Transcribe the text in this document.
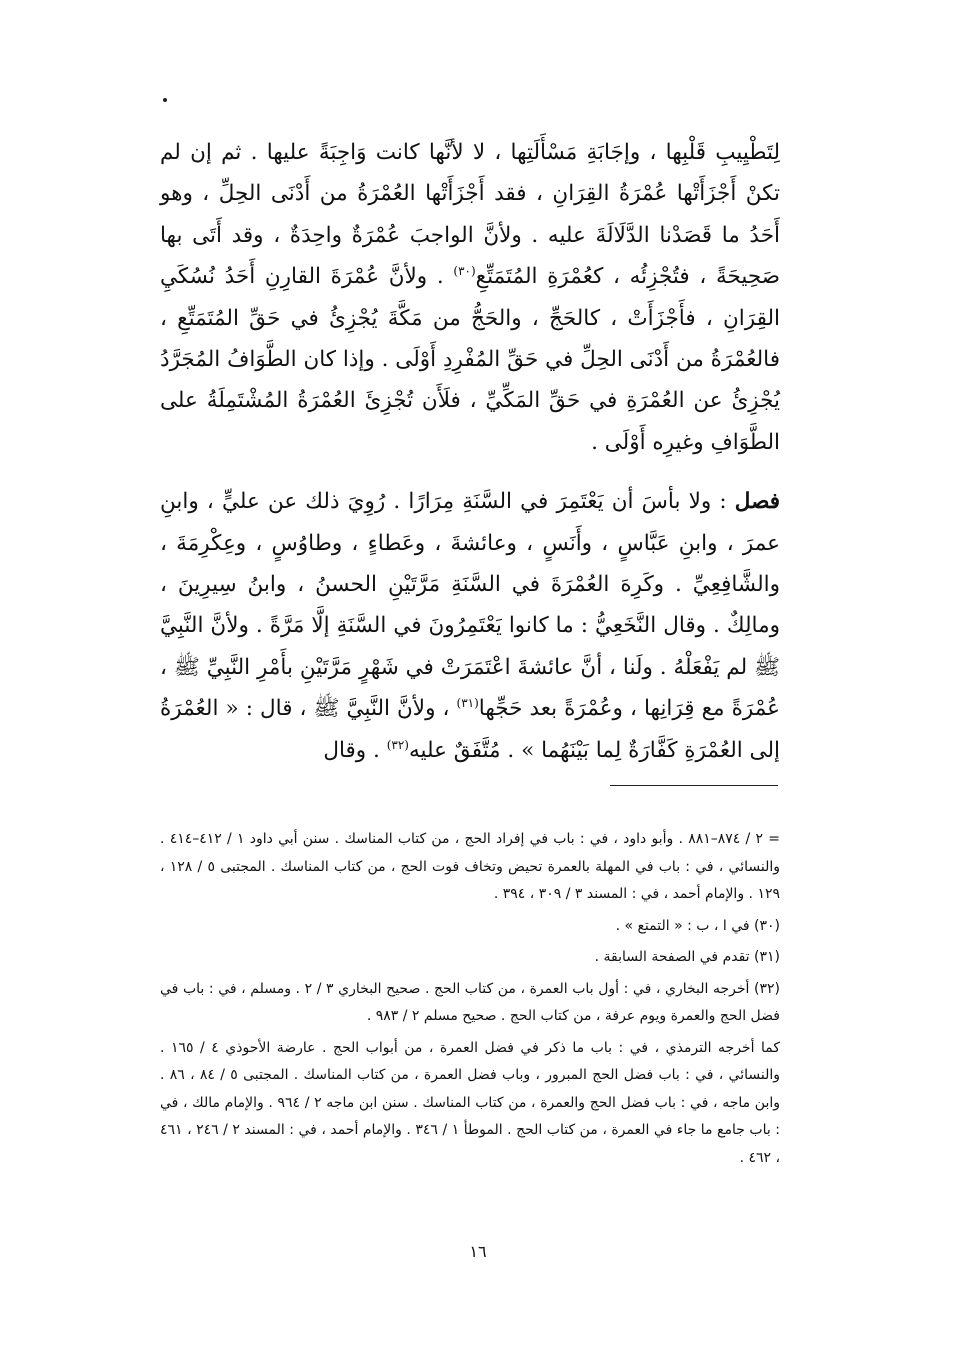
لِتَطْيِيبِ قَلْبِها ، وإجَابَةِ مَسْأَلَتِها ، لا لأنَّها كانت وَاجِبَةً عليها . ثم إن لم تكنْ أَجْزَأَتْها عُمْرَةُ القِرَانِ ، فقد أَجْزَأَتْها العُمْرَةُ من أَدْنَى الحِلِّ ، وهو أَحَدُ ما قَصَدْنا الدَّلَالَةَ عليه . ولأنَّ الواجبَ عُمْرَةٌ واحِدَةٌ ، وقد أَتَى بها صَحِيحَةً ، فتُجْزِئُه ، كعُمْرَةِ المُتَمَتِّعِ$^{(٣٠)}$ . ولأنَّ عُمْرَةَ القارِنِ أَحَدُ نُسُكَيِ القِرَانِ ، فأَجْزَأَتْ ، كالحَجِّ ، والحَجُّ من مَكَّةَ يُجْزِئُ في حَقِّ المُتَمَتِّعِ ، فالعُمْرَةُ من أَدْنَى الحِلِّ في حَقِّ المُفْرِدِ أَوْلَى . وإذا كان الطَّوَافُ المُجَرَّدُ يُجْزِئُ عن العُمْرَةِ في حَقِّ المَكِّيِّ ، فلَأَن تُجْزِئَ العُمْرَةُ المُشْتَمِلَةُ على الطَّوَافِ وغيرِه أَوْلَى .

فصل : ولا بأسَ أن يَعْتَمِرَ في السَّنَةِ مِرَارًا . رُوِيَ ذلك عن عليٍّ ، وابنِ عمرَ ، وابنِ عَبَّاسٍ ، وأَنَسٍ ، وعائشةَ ، وعَطاءٍ ، وطاوُسٍ ، وعِكْرِمَةَ ، والشَّافِعِيِّ . وكَرِهَ العُمْرَةَ في السَّنَةِ مَرَّتَيْنِ الحسنُ ، وابنُ سِيرِينَ ، ومالِكٌ . وقال النَّخَعِيُّ : ما كانوا يَعْتَمِرُونَ في السَّنَةِ إلَّا مَرَّةً . ولأنَّ النَّبِيَّ ﷺ لم يَفْعَلْهُ . ولَنا ، أنَّ عائشةَ اعْتَمَرَتْ في شَهْرٍ مَرَّتَيْنِ بأَمْرِ النَّبِيِّ ﷺ ، عُمْرَةً مع قِرَانِها ، وعُمْرَةً بعد حَجِّها$^{(٣١)}$ ، ولأنَّ النَّبِيَّ ﷺ ، قال : « العُمْرَةُ إلى العُمْرَةِ كَفَّارَةٌ لِما بَيْنَهُما » . مُتَّفَقٌ عليه$^{(٣٢)}$ . وقال

= ٢ / ٨٧٤–٨٨١ . وأبو داود ، في : باب في إفراد الحج ، من كتاب المناسك . سنن أبي داود ١ / ٤١٢–٤١٤ . والنسائي ، في : باب في المهلة بالعمرة تحيض وتخاف فوت الحج ، من كتاب المناسك . المجتبى ٥ / ١٢٨ ، ١٢٩ . والإمام أحمد ، في : المسند ٣ / ٣٠٩ ، ٣٩٤ .

(٣٠) في ا ، ب : « التمتع » .

(٣١) تقدم في الصفحة السابقة .

(٣٢) أخرجه البخاري ، في : أول باب العمرة ، من كتاب الحج . صحيح البخاري ٣ / ٢ . ومسلم ، في : باب في فضل الحج والعمرة ويوم عرفة ، من كتاب الحج . صحيح مسلم ٢ / ٩٨٣ .

كما أخرجه الترمذي ، في : باب ما ذكر في فضل العمرة ، من أبواب الحج . عارضة الأحوذي ٤ / ١٦٥ . والنسائي ، في : باب فضل الحج المبرور ، وباب فضل العمرة ، من كتاب المناسك . المجتبى ٥ / ٨٤ ، ٨٦ . وابن ماجه ، في : باب فضل الحج والعمرة ، من كتاب المناسك . سنن ابن ماجه ٢ / ٩٦٤ . والإمام مالك ، في : باب جامع ما جاء في العمرة ، من كتاب الحج . الموطأ ١ / ٣٤٦ . والإمام أحمد ، في : المسند ٢ / ٢٤٦ ، ٤٦١ ، ٤٦٢ .

١٦
